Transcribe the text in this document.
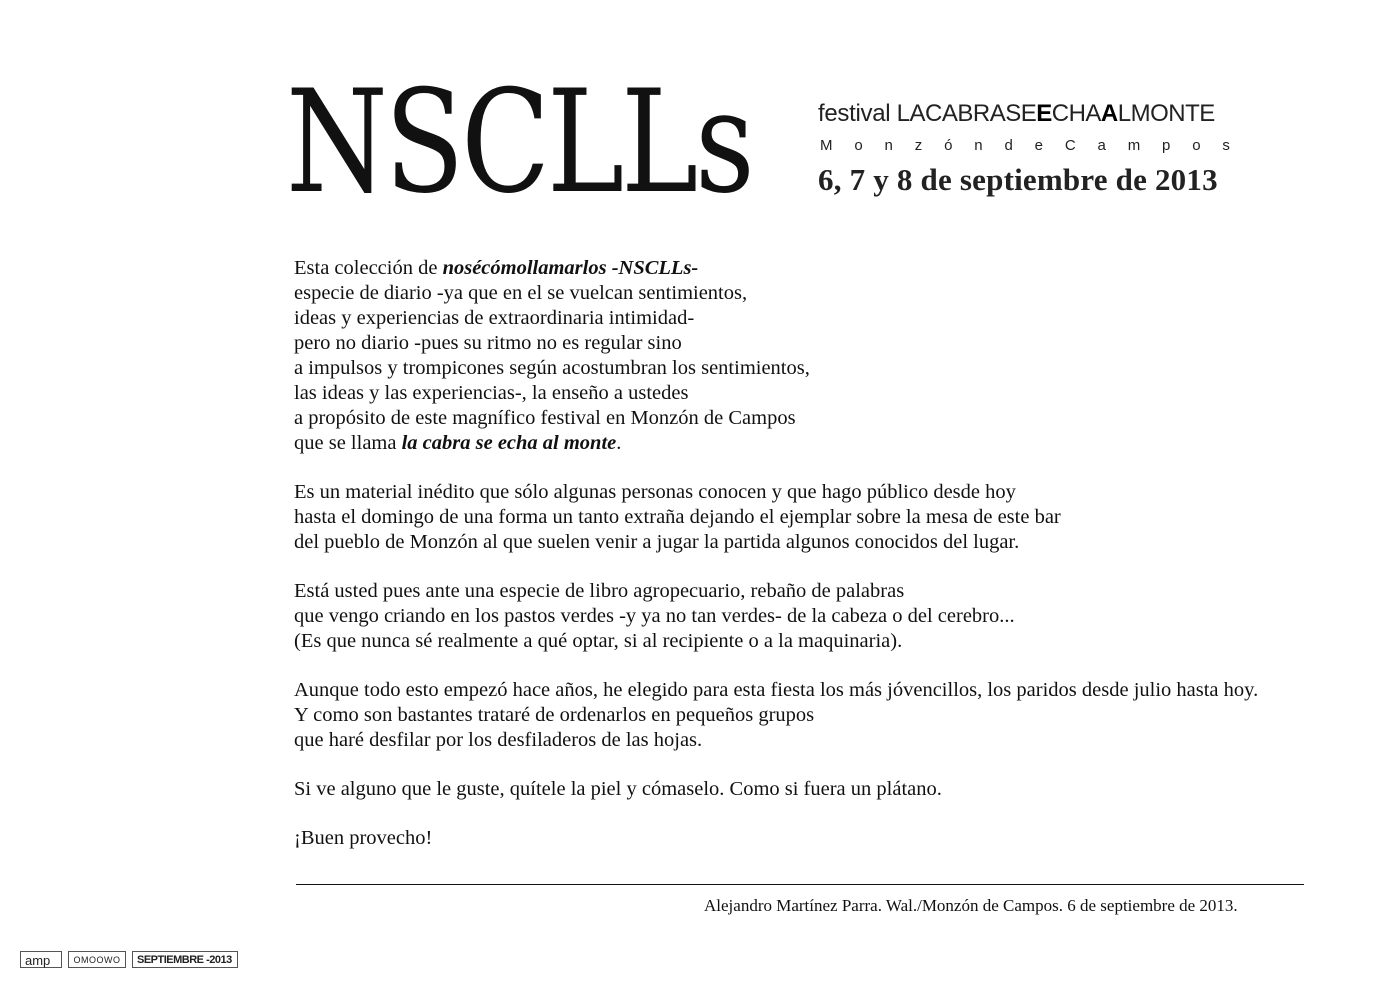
NSCLLs	festival LACABRASEECHAALMONTE
M o n z ó n d e C a m p o s
6, 7 y 8 de septiembre de 2013

Esta colección de nosécómollamarlos -NSCLLs-
especie de diario -ya que en el se vuelcan sentimientos,
ideas y experiencias de extraordinaria intimidad-
pero no diario -pues su ritmo no es regular sino
a impulsos y trompicones según acostumbran los sentimientos,
las ideas y las experiencias-, la enseño a ustedes
a propósito de este magnífico festival en Monzón de Campos
que se llama la cabra se echa al monte.

Es un material inédito que sólo algunas personas conocen y que hago público desde hoy
hasta el domingo de una forma un tanto extraña dejando el ejemplar sobre la mesa de este bar
del pueblo de Monzón al que suelen venir a jugar la partida algunos conocidos del lugar.

Está usted pues ante una especie de libro agropecuario, rebaño de palabras
que vengo criando en los pastos verdes -y ya no tan verdes- de la cabeza o del cerebro...
(Es que nunca sé realmente a qué optar, si al recipiente o a la maquinaria).

Aunque todo esto empezó hace años, he elegido para esta fiesta los más jóvencillos, los paridos desde julio hasta hoy.
Y como son bastantes trataré de ordenarlos en pequeños grupos
que haré desfilar por los desfiladeros de las hojas.

Si ve alguno que le guste, quítele la piel y cómaselo. Como si fuera un plátano.

¡Buen provecho!

Alejandro Martínez Parra. Wal./Monzón de Campos. 6 de septiembre de 2013.
amp	OMOOWO	SEPTIEMBRE -2013
